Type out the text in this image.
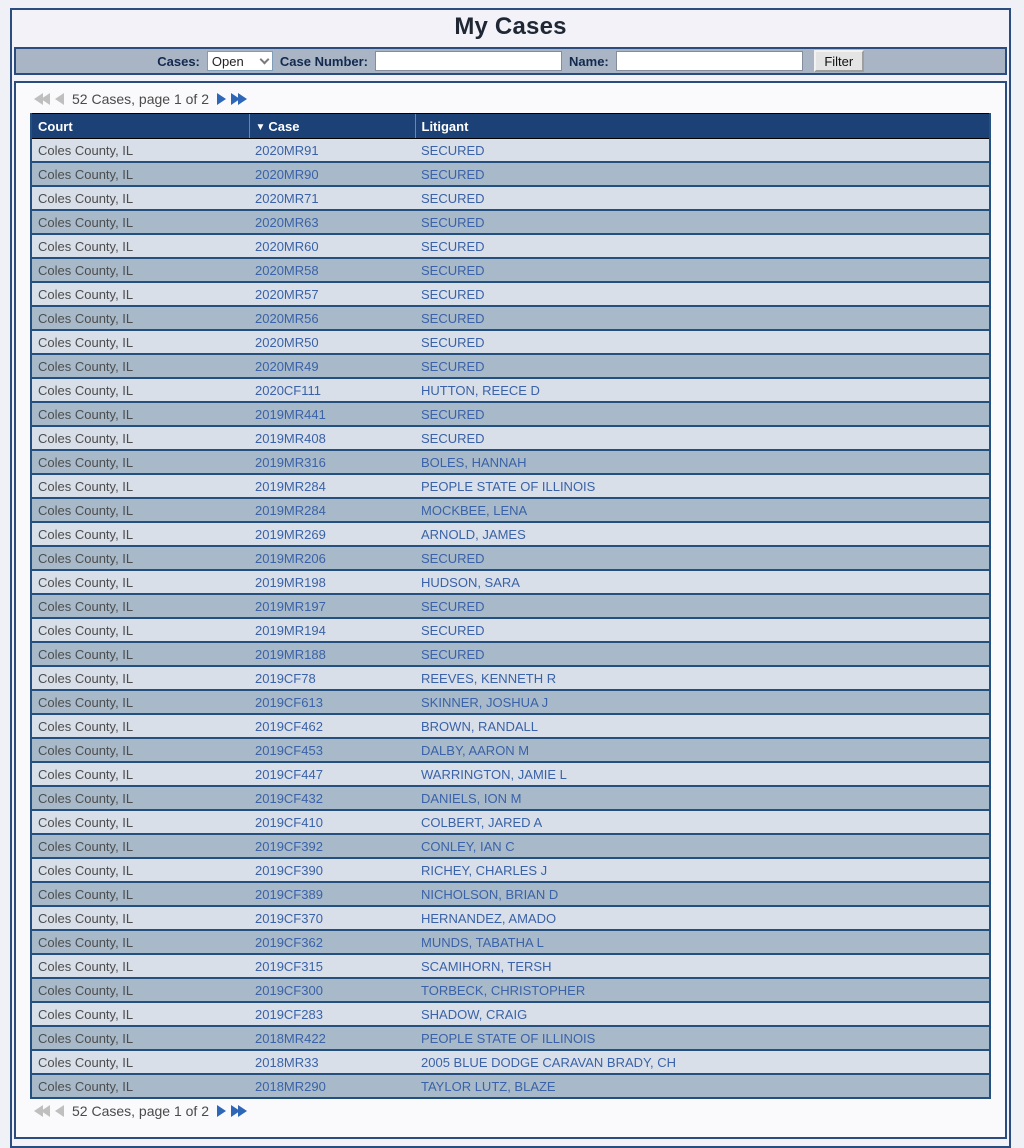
My Cases
Cases:
Open	Case Number:	Name:	Filter
52 Cases, page 1 of 2
Court	▼ Case	Litigant
Coles County, IL	2020MR91	SECURED
Coles County, IL	2020MR90	SECURED
Coles County, IL	2020MR71	SECURED
Coles County, IL	2020MR63	SECURED
Coles County, IL	2020MR60	SECURED
Coles County, IL	2020MR58	SECURED
Coles County, IL	2020MR57	SECURED
Coles County, IL	2020MR56	SECURED
Coles County, IL	2020MR50	SECURED
Coles County, IL	2020MR49	SECURED
Coles County, IL	2020CF111	HUTTON, REECE D
Coles County, IL	2019MR441	SECURED
Coles County, IL	2019MR408	SECURED
Coles County, IL	2019MR316	BOLES, HANNAH
Coles County, IL	2019MR284	PEOPLE STATE OF ILLINOIS
Coles County, IL	2019MR284	MOCKBEE, LENA
Coles County, IL	2019MR269	ARNOLD, JAMES
Coles County, IL	2019MR206	SECURED
Coles County, IL	2019MR198	HUDSON, SARA
Coles County, IL	2019MR197	SECURED
Coles County, IL	2019MR194	SECURED
Coles County, IL	2019MR188	SECURED
Coles County, IL	2019CF78	REEVES, KENNETH R
Coles County, IL	2019CF613	SKINNER, JOSHUA J
Coles County, IL	2019CF462	BROWN, RANDALL
Coles County, IL	2019CF453	DALBY, AARON M
Coles County, IL	2019CF447	WARRINGTON, JAMIE L
Coles County, IL	2019CF432	DANIELS, ION M
Coles County, IL	2019CF410	COLBERT, JARED A
Coles County, IL	2019CF392	CONLEY, IAN C
Coles County, IL	2019CF390	RICHEY, CHARLES J
Coles County, IL	2019CF389	NICHOLSON, BRIAN D
Coles County, IL	2019CF370	HERNANDEZ, AMADO
Coles County, IL	2019CF362	MUNDS, TABATHA L
Coles County, IL	2019CF315	SCAMIHORN, TERSH
Coles County, IL	2019CF300	TORBECK, CHRISTOPHER
Coles County, IL	2019CF283	SHADOW, CRAIG
Coles County, IL	2018MR422	PEOPLE STATE OF ILLINOIS
Coles County, IL	2018MR33	2005 BLUE DODGE CARAVAN BRADY, CH
Coles County, IL	2018MR290	TAYLOR LUTZ, BLAZE
52 Cases, page 1 of 2
